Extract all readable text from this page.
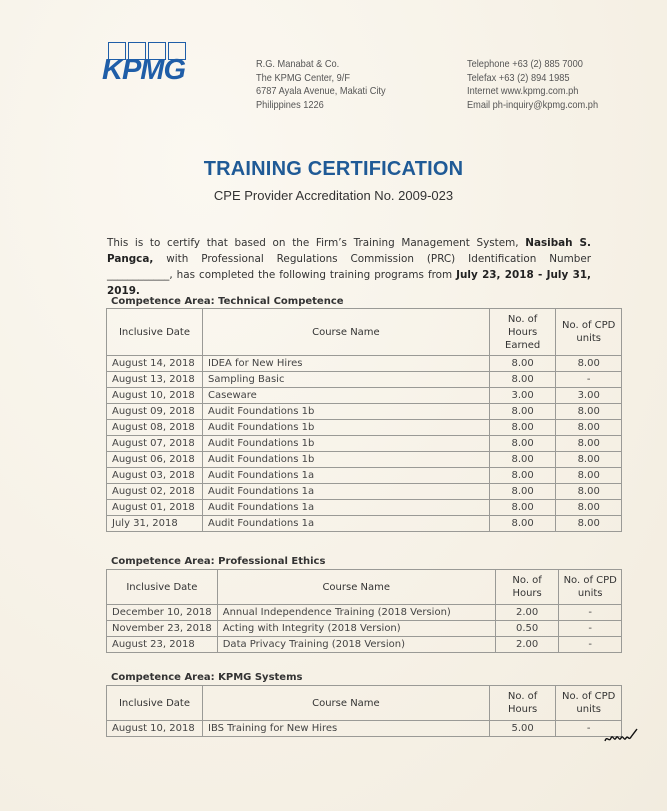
KPMG	R.G. Manabat & Co.
The KPMG Center, 9/F
6787 Ayala Avenue, Makati City
Philippines 1226
Telephone +63 (2) 885 7000
Telefax +63 (2) 894 1985
Internet www.kpmg.com.ph
Email ph-inquiry@kpmg.com.ph
TRAINING CERTIFICATION
CPE Provider Accreditation No. 2009-023
This is to certify that based on the Firm’s Training Management System, Nasibah S. Pangca, with Professional Regulations Commission (PRC) Identification Number ____________, has completed the following training programs from July 23, 2018 - July 31, 2019.
Competence Area: Technical Competence
Inclusive Date	Course Name	No. of Hours Earned	No. of CPD units
August 14, 2018	IDEA for New Hires	8.00	8.00
August 13, 2018	Sampling Basic	8.00	-
August 10, 2018	Caseware	3.00	3.00
August 09, 2018	Audit Foundations 1b	8.00	8.00
August 08, 2018	Audit Foundations 1b	8.00	8.00
August 07, 2018	Audit Foundations 1b	8.00	8.00
August 06, 2018	Audit Foundations 1b	8.00	8.00
August 03, 2018	Audit Foundations 1a	8.00	8.00
August 02, 2018	Audit Foundations 1a	8.00	8.00
August 01, 2018	Audit Foundations 1a	8.00	8.00
July 31, 2018	Audit Foundations 1a	8.00	8.00
Competence Area: Professional Ethics
Inclusive Date	Course Name	No. of Hours	No. of CPD units
December 10, 2018	Annual Independence Training (2018 Version)	2.00	-
November 23, 2018	Acting with Integrity (2018 Version)	0.50	-
August 23, 2018	Data Privacy Training (2018 Version)	2.00	-
Competence Area: KPMG Systems
Inclusive Date	Course Name	No. of Hours	No. of CPD units
August 10, 2018	IBS Training for New Hires	5.00	-
